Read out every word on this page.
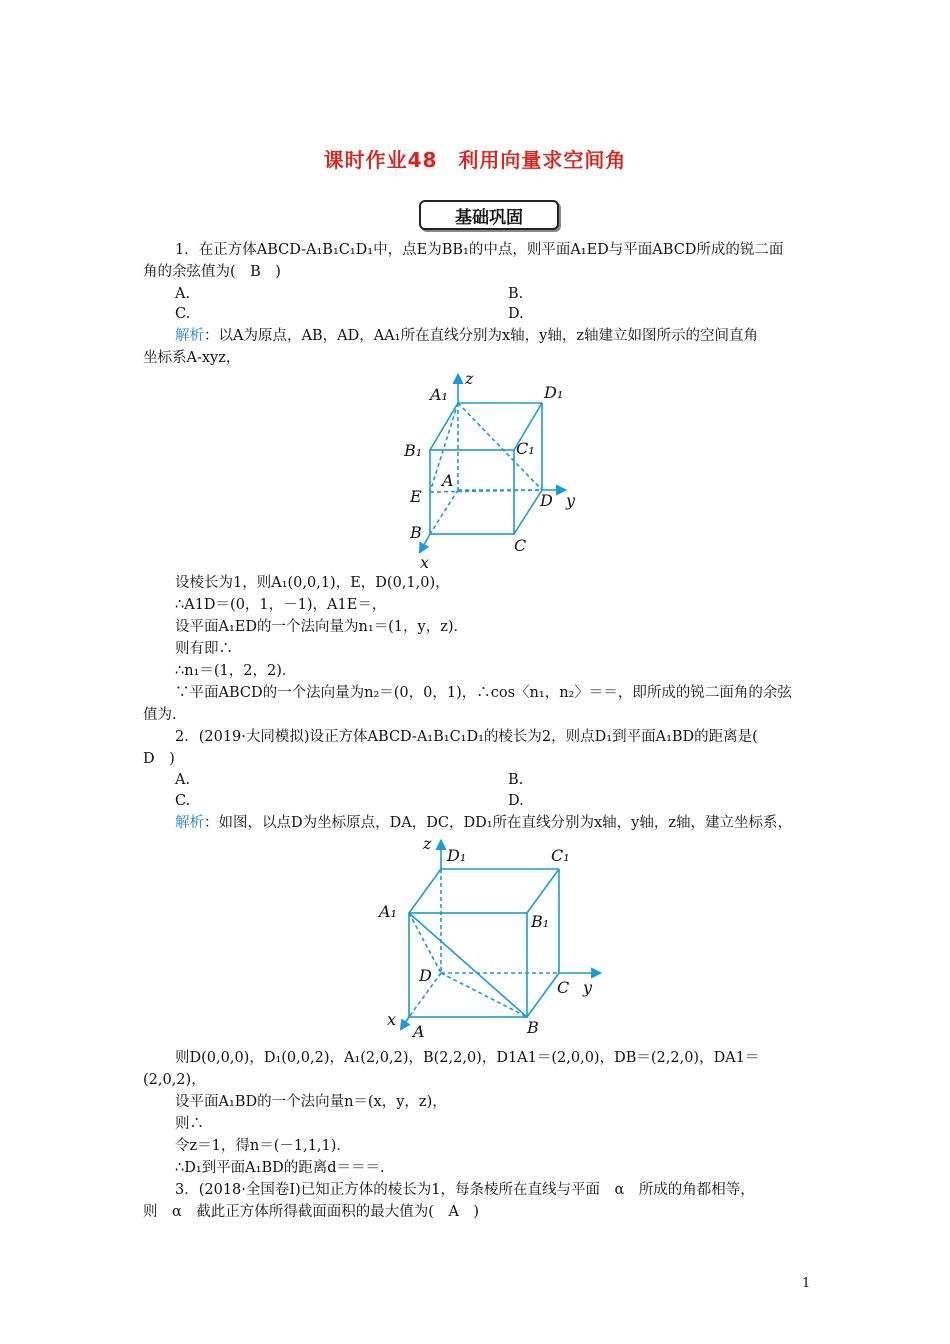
课时作业48　利用向量求空间角
基础巩固
1．在正方体ABCD-A₁B₁C₁D₁中，点E为BB₁的中点，则平面A₁ED与平面ABCD所成的锐二面
角的余弦值为(　B　)
A.	B.
C.	D.
解析：以A为原点，AB，AD，AA₁所在直线分别为x轴，y轴，z轴建立如图所示的空间直角
坐标系A-xyz，
A₁
z
D₁
B₁	C₁
E
A
D y
B
C
x
设棱长为1，则A₁(0,0,1)，E，D(0,1,0)，
∴A1D＝(0，1，－1)，A1E＝，
设平面A₁ED的一个法向量为n₁＝(1，y，z)．
则有即∴
∴n₁＝(1，2，2)．
∵平面ABCD的一个法向量为n₂＝(0，0，1)，∴cos〈n₁，n₂〉＝＝，即所成的锐二面角的余弦
值为.
2．(2019·大同模拟)设正方体ABCD-A₁B₁C₁D₁的棱长为2，则点D₁到平面A₁BD的距离是(
D　)
A.	B.
C.	D.
解析：如图，以点D为坐标原点，DA，DC，DD₁所在直线分别为x轴，y轴，z轴，建立坐标系，
z
D₁	C₁
A₁
B₁
D
C y
x
A	B
则D(0,0,0)，D₁(0,0,2)，A₁(2,0,2)，B(2,2,0)，D1A1＝(2,0,0)，DB＝(2,2,0)，DA1＝
(2,0,2)，
设平面A₁BD的一个法向量n＝(x，y，z)，
则∴
令z＝1，得n＝(－1,1,1)．
∴D₁到平面A₁BD的距离d＝＝＝.
3．(2018·全国卷Ⅰ)已知正方体的棱长为1，每条棱所在直线与平面　α　所成的角都相等，
则　α　截此正方体所得截面面积的最大值为(　A　)
1
